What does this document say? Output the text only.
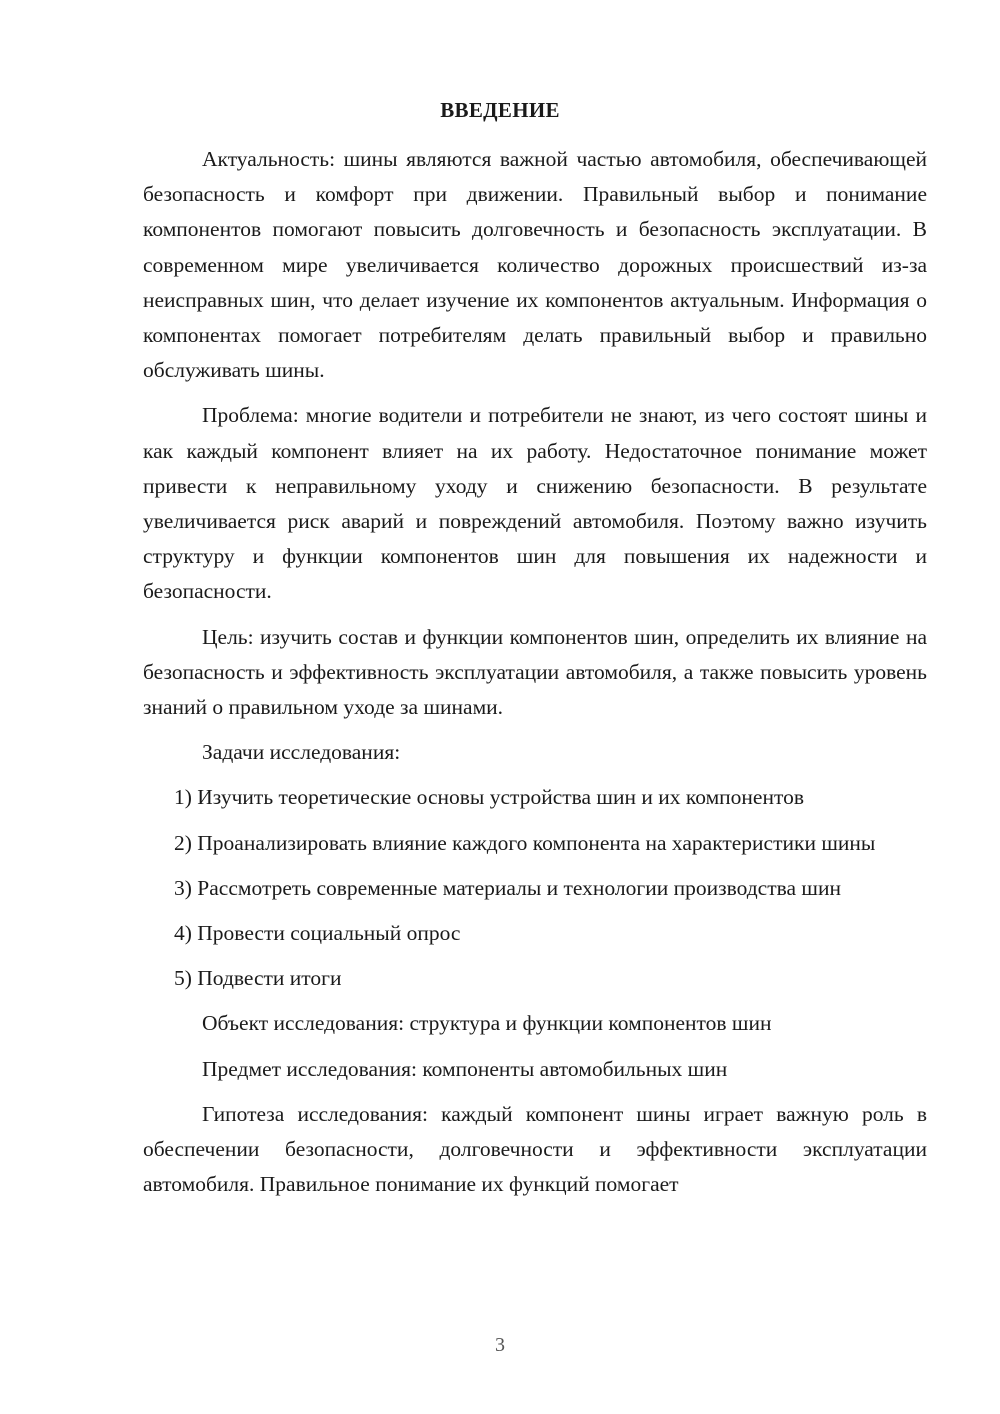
ВВЕДЕНИЕ

Актуальность: шины являются важной частью автомобиля, обеспечивающей безопасность и комфорт при движении. Правильный выбор и понимание компонентов помогают повысить долговечность и безопасность эксплуатации. В современном мире увеличивается количество дорожных происшествий из-за неисправных шин, что делает изучение их компонентов актуальным. Информация о компонентах помогает потребителям делать правильный выбор и правильно обслуживать шины.

Проблема: многие водители и потребители не знают, из чего состоят шины и как каждый компонент влияет на их работу. Недостаточное понимание может привести к неправильному уходу и снижению безопасности. В результате увеличивается риск аварий и повреждений автомобиля. Поэтому важно изучить структуру и функции компонентов шин для повышения их надежности и безопасности.

Цель: изучить состав и функции компонентов шин, определить их влияние на безопасность и эффективность эксплуатации автомобиля, а также повысить уровень знаний о правильном уходе за шинами.

Задачи исследования:

1) Изучить теоретические основы устройства шин и их компонентов

2) Проанализировать влияние каждого компонента на характеристики шины

3) Рассмотреть современные материалы и технологии производства шин

4) Провести социальный опрос

5) Подвести итоги

Объект исследования: структура и функции компонентов шин

Предмет исследования: компоненты автомобильных шин

Гипотеза исследования: каждый компонент шины играет важную роль в обеспечении безопасности, долговечности и эффективности эксплуатации автомобиля. Правильное понимание их функций помогает

3
